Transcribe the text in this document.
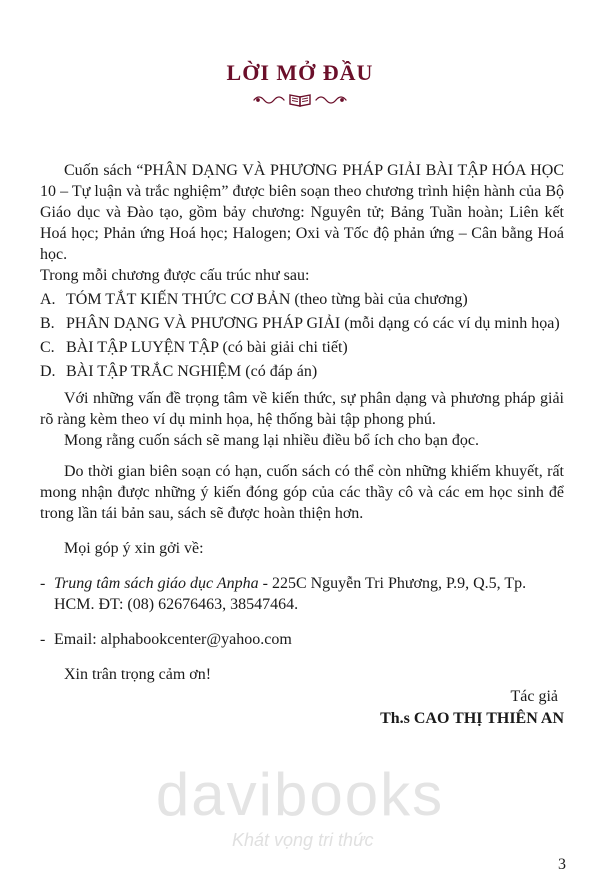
LỜI MỞ ĐẦU

Cuốn sách “PHÂN DẠNG VÀ PHƯƠNG PHÁP GIẢI BÀI TẬP HÓA HỌC 10 – Tự luận và trắc nghiệm” được biên soạn theo chương trình hiện hành của Bộ Giáo dục và Đào tạo, gồm bảy chương: Nguyên tử; Bảng Tuần hoàn; Liên kết Hoá học; Phản ứng Hoá học; Halogen; Oxi và Tốc độ phản ứng – Cân bằng Hoá học.

Trong mỗi chương được cấu trúc như sau:

A. TÓM TẮT KIẾN THỨC CƠ BẢN (theo từng bài của chương)
B. PHÂN DẠNG VÀ PHƯƠNG PHÁP GIẢI (mỗi dạng có các ví dụ minh họa)
C. BÀI TẬP LUYỆN TẬP (có bài giải chi tiết)
D. BÀI TẬP TRẮC NGHIỆM (có đáp án)

Với những vấn đề trọng tâm về kiến thức, sự phân dạng và phương pháp giải rõ ràng kèm theo ví dụ minh họa, hệ thống bài tập phong phú.

Mong rằng cuốn sách sẽ mang lại nhiều điều bổ ích cho bạn đọc.

Do thời gian biên soạn có hạn, cuốn sách có thể còn những khiếm khuyết, rất mong nhận được những ý kiến đóng góp của các thầy cô và các em học sinh để trong lần tái bản sau, sách sẽ được hoàn thiện hơn.

Mọi góp ý xin gởi về:

- Trung tâm sách giáo dục Anpha - 225C Nguyễn Tri Phương, P.9, Q.5, Tp. HCM. ĐT: (08) 62676463, 38547464.
- Email: alphabookcenter@yahoo.com

Xin trân trọng cảm ơn!

Tác giả
Th.s CAO THỊ THIÊN AN
davibooks
Khát vọng tri thức
3
